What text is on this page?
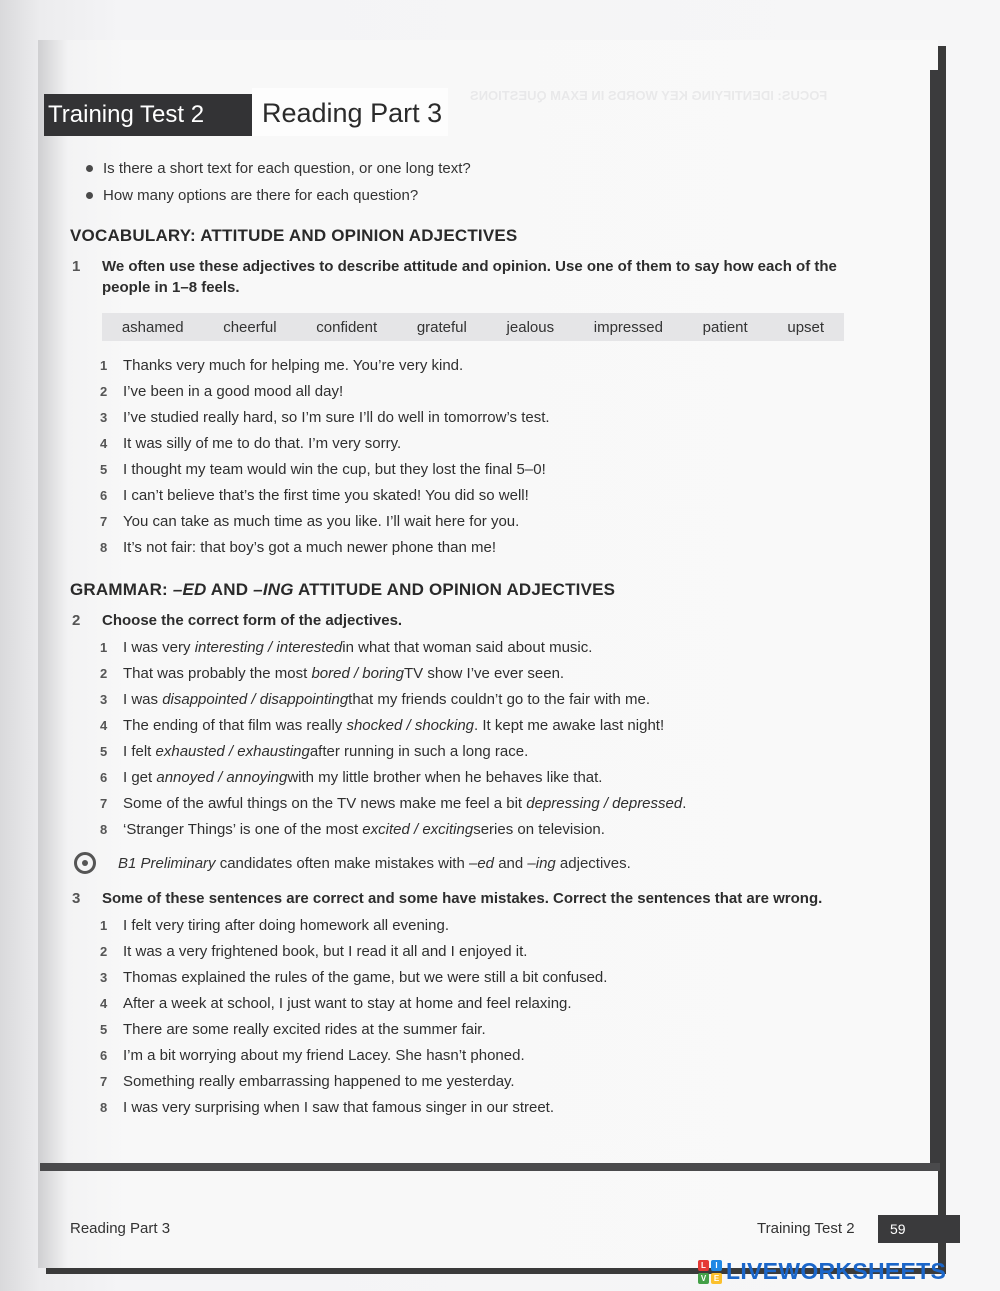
FOCUS: IDENTIFYING KEY WORDS IN EXAM QUESTIONS
Training Test 2	Reading Part 3
Is there a short text for each question, or one long text?
How many options are there for each question?
VOCABULARY: ATTITUDE AND OPINION ADJECTIVES
1 We often use these adjectives to describe attitude and opinion. Use one of them to say how each of the
people in 1–8 feels.
ashamed	cheerful	confident	grateful	jealous	impressed	patient	upset
1	Thanks very much for helping me. You’re very kind.
2	I’ve been in a good mood all day!
3	I’ve studied really hard, so I’m sure I’ll do well in tomorrow’s test.
4	It was silly of me to do that. I’m very sorry.
5	I thought my team would win the cup, but they lost the final 5–0!
6	I can’t believe that’s the first time you skated! You did so well!
7	You can take as much time as you like. I’ll wait here for you.
8	It’s not fair: that boy’s got a much newer phone than me!
GRAMMAR: –ED AND –ING ATTITUDE AND OPINION ADJECTIVES
2 Choose the correct form of the adjectives.
1	I was very
interesting / interested in what that woman said about music.
2	That was probably the most
bored / boring TV show I’ve ever seen.
3	I was
disappointed / disappointing that my friends couldn’t go to the fair with me.
4	The ending of that film was really
shocked / shocking . It kept me awake last night!
5	I felt
exhausted / exhausting after running in such a long race.
6	I get
annoyed / annoying with my little brother when he behaves like that.
7	Some of the awful things on the TV news make me feel a bit
depressing / depressed .
8	‘Stranger Things’ is one of the most
excited / exciting series on television.
B1 Preliminary candidates often make mistakes with –ed and –ing adjectives.
3 Some of these sentences are correct and some have mistakes. Correct the sentences that are wrong.
1	I felt very tiring after doing homework all evening.
2	It was a very frightened book, but I read it all and I enjoyed it.
3	Thomas explained the rules of the game, but we were still a bit confused.
4	After a week at school, I just want to stay at home and feel relaxing.
5	There are some really excited rides at the summer fair.
6	I’m a bit worrying about my friend Lacey. She hasn’t phoned.
7	Something really embarrassing happened to me yesterday.
8	I was very surprising when I saw that famous singer in our street.
Reading Part 3	Training Test 2	59
L	I
V E LIVEWORKSHEETS
